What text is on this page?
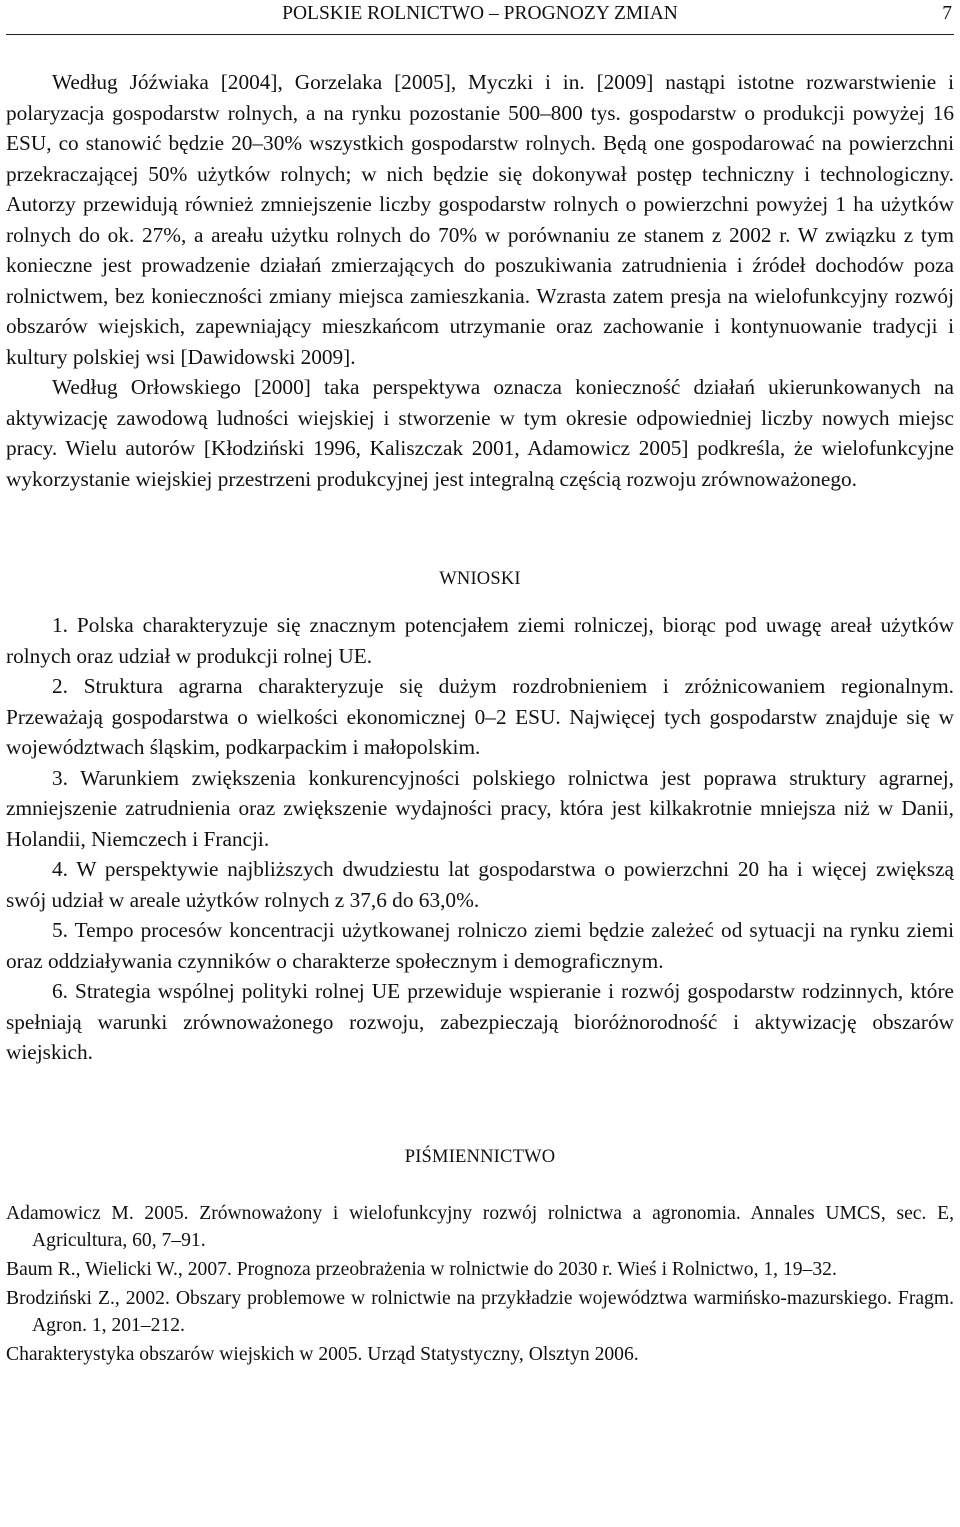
POLSKIE ROLNICTWO – PROGNOZY ZMIAN	7

Według Jóźwiaka [2004], Gorzelaka [2005], Myczki i in. [2009] nastąpi istotne rozwarstwienie i polaryzacja gospodarstw rolnych, a na rynku pozostanie 500–800 tys. gospodarstw o produkcji powyżej 16 ESU, co stanowić będzie 20–30% wszystkich gospodarstw rolnych. Będą one gospodarować na powierzchni przekraczającej 50% użytków rolnych; w nich będzie się dokonywał postęp techniczny i technologiczny. Autorzy przewidują również zmniejszenie liczby gospodarstw rolnych o powierzchni powyżej 1 ha użytków rolnych do ok. 27%, a areału użytku rolnych do 70% w porównaniu ze stanem z 2002 r. W związku z tym konieczne jest prowadzenie działań zmierzających do poszukiwania zatrudnienia i źródeł dochodów poza rolnictwem, bez konieczności zmiany miejsca zamieszkania. Wzrasta zatem presja na wielofunkcyjny rozwój obszarów wiejskich, zapewniający mieszkańcom utrzymanie oraz zachowanie i kontynuowanie tradycji i kultury polskiej wsi [Dawidowski 2009].

Według Orłowskiego [2000] taka perspektywa oznacza konieczność działań ukierunkowanych na aktywizację zawodową ludności wiejskiej i stworzenie w tym okresie odpowiedniej liczby nowych miejsc pracy. Wielu autorów [Kłodziński 1996, Kaliszczak 2001, Adamowicz 2005] podkreśla, że wielofunkcyjne wykorzystanie wiejskiej przestrzeni produkcyjnej jest integralną częścią rozwoju zrównoważonego.

WNIOSKI

1. Polska charakteryzuje się znacznym potencjałem ziemi rolniczej, biorąc pod uwagę areał użytków rolnych oraz udział w produkcji rolnej UE.

2. Struktura agrarna charakteryzuje się dużym rozdrobnieniem i zróżnicowaniem regionalnym. Przeważają gospodarstwa o wielkości ekonomicznej 0–2 ESU. Najwięcej tych gospodarstw znajduje się w województwach śląskim, podkarpackim i małopolskim.

3. Warunkiem zwiększenia konkurencyjności polskiego rolnictwa jest poprawa struktury agrarnej, zmniejszenie zatrudnienia oraz zwiększenie wydajności pracy, która jest kilkakrotnie mniejsza niż w Danii, Holandii, Niemczech i Francji.

4. W perspektywie najbliższych dwudziestu lat gospodarstwa o powierzchni 20 ha i więcej zwiększą swój udział w areale użytków rolnych z 37,6 do 63,0%.

5. Tempo procesów koncentracji użytkowanej rolniczo ziemi będzie zależeć od sytuacji na rynku ziemi oraz oddziaływania czynników o charakterze społecznym i demograficznym.

6. Strategia wspólnej polityki rolnej UE przewiduje wspieranie i rozwój gospodarstw rodzinnych, które spełniają warunki zrównoważonego rozwoju, zabezpieczają bioróżnorodność i aktywizację obszarów wiejskich.

PIŚMIENNICTWO

Adamowicz M. 2005. Zrównoważony i wielofunkcyjny rozwój rolnictwa a agronomia. Annales UMCS, sec. E, Agricultura, 60, 7–91.

Baum R., Wielicki W., 2007. Prognoza przeobrażenia w rolnictwie do 2030 r. Wieś i Rolnictwo, 1, 19–32.

Brodziński Z., 2002. Obszary problemowe w rolnictwie na przykładzie województwa warmińsko-mazurskiego. Fragm. Agron. 1, 201–212.

Charakterystyka obszarów wiejskich w 2005. Urząd Statystyczny, Olsztyn 2006.
